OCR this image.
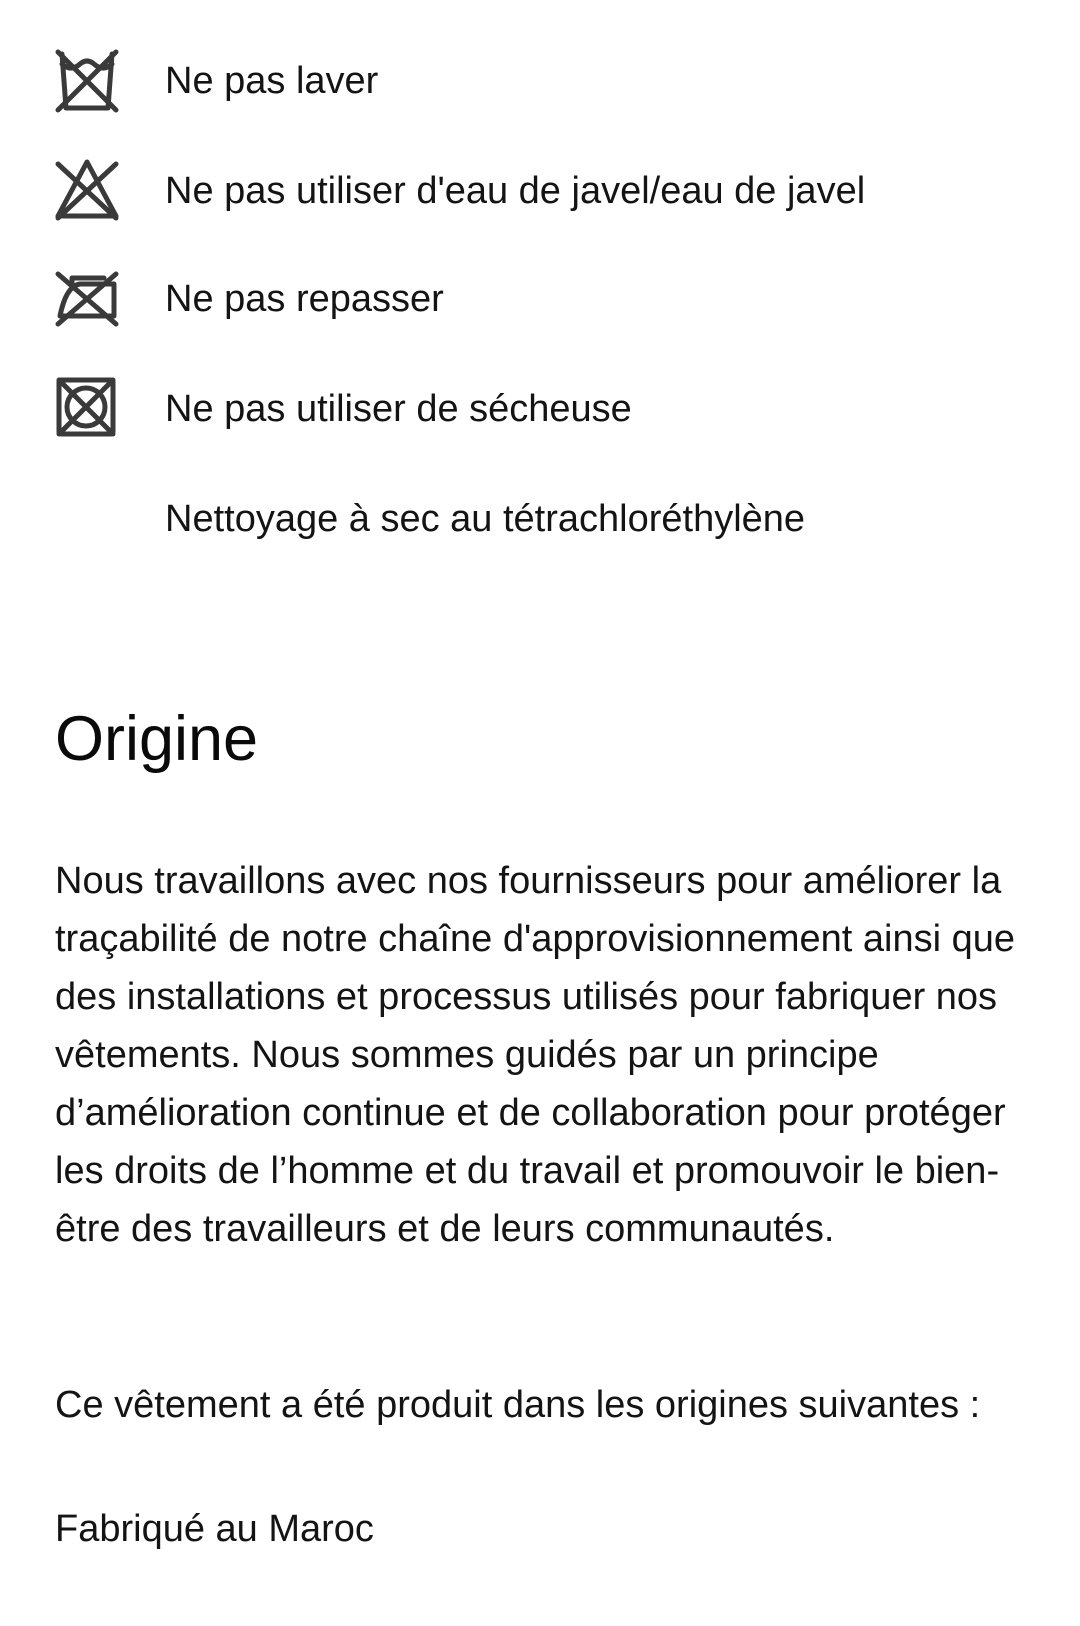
Ne pas laver
Ne pas utiliser d'eau de javel/eau de javel
Ne pas repasser
Ne pas utiliser de sécheuse
Nettoyage à sec au tétrachloréthylène
Origine

Nous travaillons avec nos fournisseurs pour améliorer la traçabilité de notre chaîne d'approvisionnement ainsi que des installations et processus utilisés pour fabriquer nos vêtements. Nous sommes guidés par un principe d’amélioration continue et de collaboration pour protéger les droits de l’homme et du travail et promouvoir le bien-être des travailleurs et de leurs communautés.

Ce vêtement a été produit dans les origines suivantes :

Fabriqué au Maroc
